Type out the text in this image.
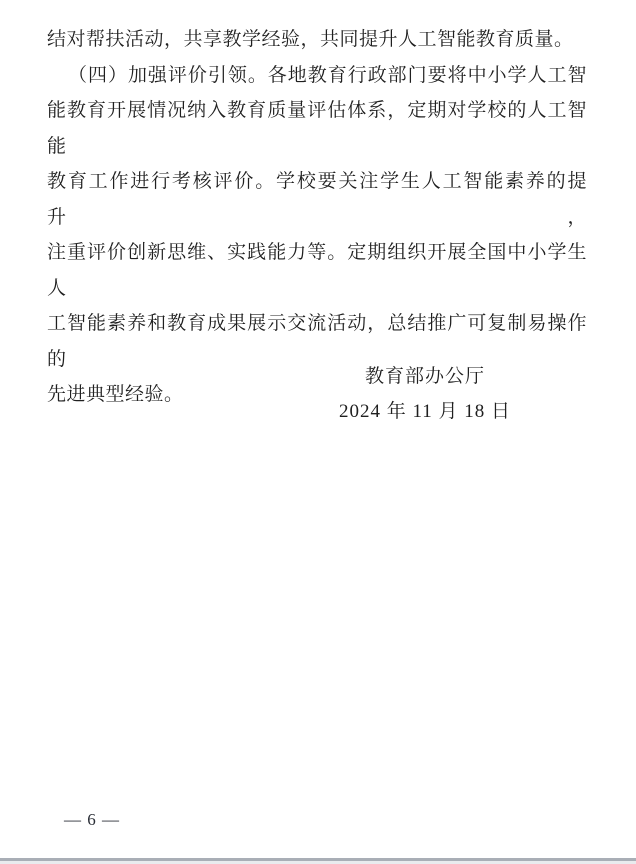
结对帮扶活动，共享教学经验，共同提升人工智能教育质量。
（四）加强评价引领。各地教育行政部门要将中小学人工智
能教育开展情况纳入教育质量评估体系，定期对学校的人工智能
教育工作进行考核评价。学校要关注学生人工智能素养的提升，
注重评价创新思维、实践能力等。定期组织开展全国中小学生人
工智能素养和教育成果展示交流活动，总结推广可复制易操作的
先进典型经验。
教育部办公厅
2024 年 11 月 18 日
— 6 —
